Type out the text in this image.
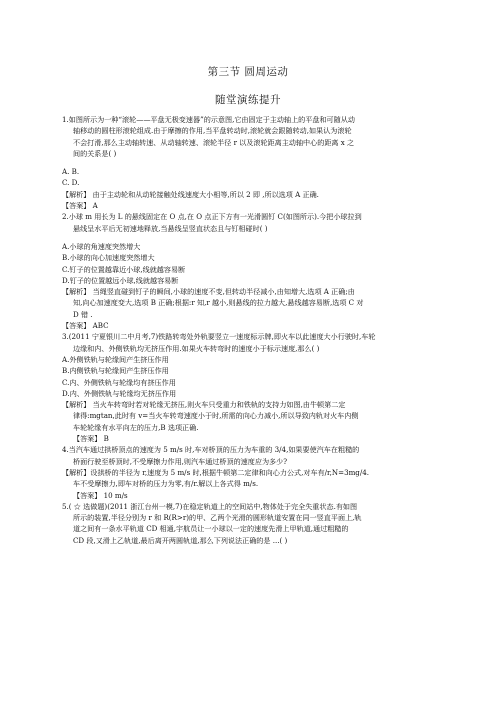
第三节 圆周运动
随堂演练提升
1.如图所示为一种“滚轮——平盘无极变速器”的示意图,它由固定于主动轴上的平盘和可随从动
轴移动的圆柱形滚轮组成.由于摩擦的作用,当平盘转动时,滚轮就会跟随转动,如果认为滚轮
不会打滑,那么主动轴转速、从动轴转速、滚轮半径 r 以及滚轮距离主动轴中心的距离 x 之
间的关系是( )
A. B.
C. D.
【解析】 由于主动轮和从动轮接触处线速度大小相等,所以 2 即 ,所以选项 A 正确.
【答案】 A
2.小球 m 用长为 L 的悬线固定在 O 点,在 O 点正下方有一光滑圆钉 C(如图所示).今把小球拉到
悬线呈水平后无初速地释放,当悬线呈竖直状态且与钉相碰时( )
A.小球的角速度突然增大
B.小球的向心加速度突然增大
C.钉子的位置越靠近小球,线就越容易断
D.钉子的位置越远小球,线就越容易断
【解析】 当绳竖直碰到钉子的瞬间,小球的速度不变,但转动半径减小,由知增大,选项 A 正确;由
知,向心加速度变大,选项 B 正确;根据:r 知,r 越小,则悬线的拉力越大,悬线越容易断,选项 C 对
D 错 .
【答案】 ABC
3.(2011 宁夏银川二中月考,7)铁路转弯处外轨要竖立一速度标示牌,即火车以此速度大小行驶时,车轮
边缘和内、外侧铁轨均无挤压作用.如果火车转弯时的速度小于标示速度,那么( )
A.外侧铁轨与轮缘间产生挤压作用
B.内侧铁轨与轮缘间产生挤压作用
C.内、外侧铁轨与轮缘均有挤压作用
D.内、外侧铁轨与轮缘均无挤压作用
【解析】 当火车转弯时若对轮缘无挤压,则火车只受重力和铁轨的支持力如图,由牛顿第二定
律得:mgtan,此时有 v=当火车转弯速度小于时,所需的向心力减小,所以导致内轨对火车内侧
车轮轮缘有水平向左的压力,B 选项正确.
【答案】 B
4.当汽车通过拱桥顶点的速度为 5 m/s 时,车对桥顶的压力为车重的 3/4,如果要使汽车在粗糙的
桥面行驶至桥顶时,不受摩擦力作用,则汽车通过桥顶的速度应为多少?
【解析】设拱桥的半径为 r,速度为 5 m/s 时,根据牛顿第二定律和向心力公式,对车有/r,N=3mg/4.
车不受摩擦力,即车对桥的压力为零,有/r.解以上各式得 m/s.
【答案】 10 m/s
5.( ☆ 选做题)(2011 浙江台州一模,7)在稳定轨道上的空间站中,物体处于完全失重状态.有如图
所示的装置,半径分别为 r 和 R(R>r)的甲、乙两个光滑的圆形轨道安置在同一竖直平面上,轨
道之间有一条水平轨道 CD 相通,宇航员让一小球以一定的速度先滑上甲轨道,通过粗糙的
CD 段,又滑上乙轨道,最后离开两圆轨道,那么下列说法正确的是 ...( )
